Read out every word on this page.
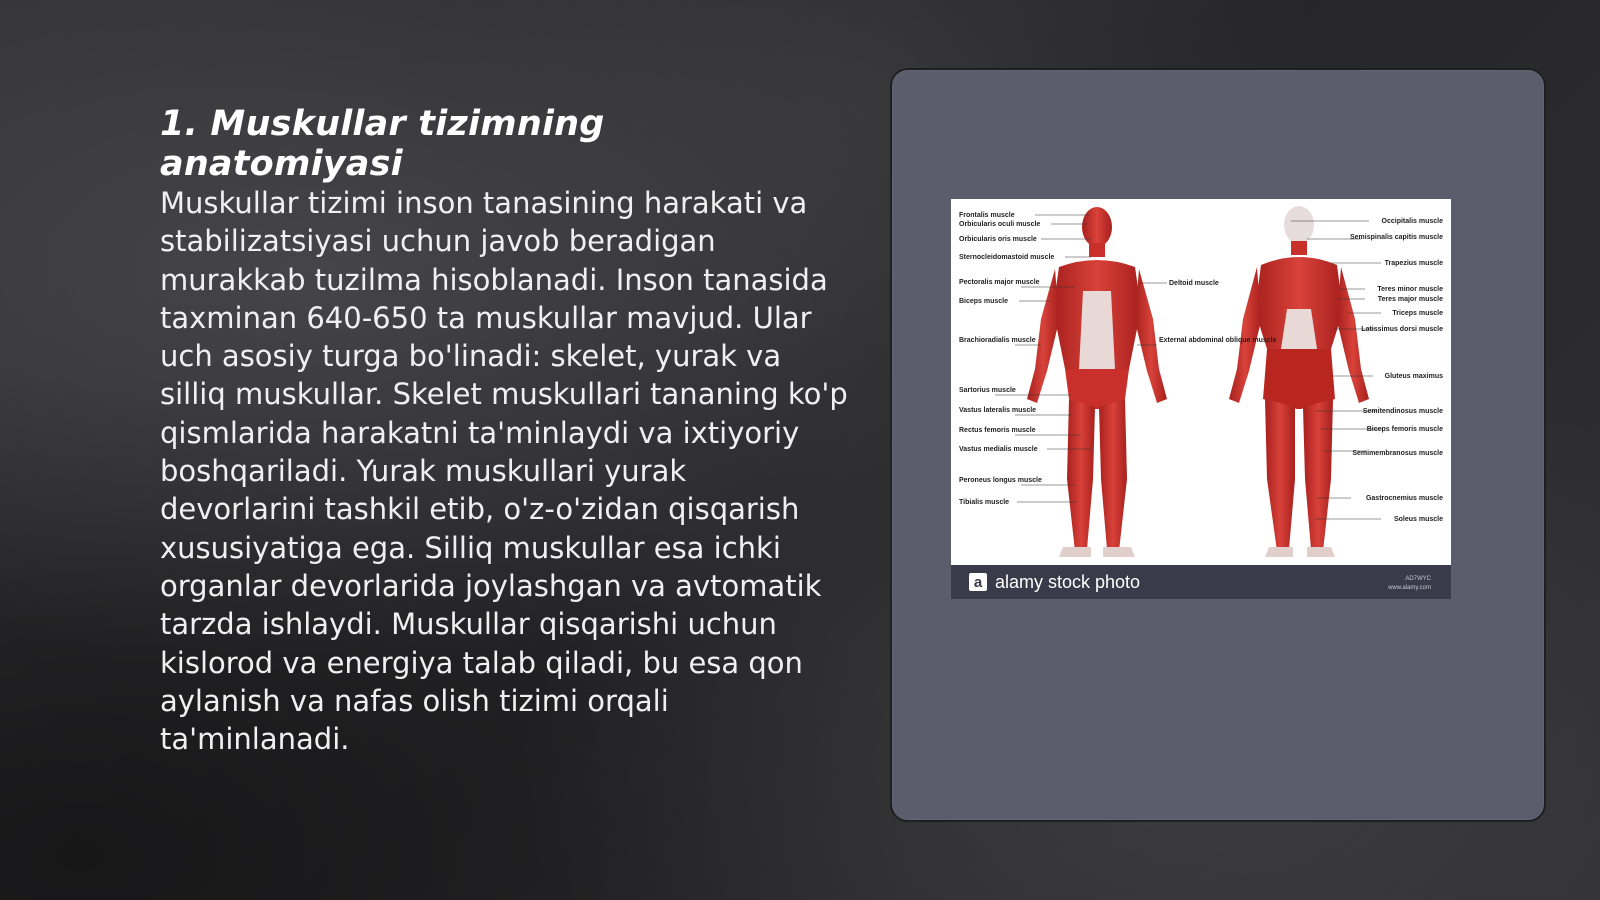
1. Muskullar tizimning anatomiyasi

Muskullar tizimi inson tanasining harakati va stabilizatsiyasi uchun javob beradigan murakkab tuzilma hisoblanadi. Inson tanasida taxminan 640-650 ta muskullar mavjud. Ular uch asosiy turga bo'linadi: skelet, yurak va silliq muskullar. Skelet muskullari tananing ko'p qismlarida harakatni ta'minlaydi va ixtiyoriy boshqariladi. Yurak muskullari yurak devorlarini tashkil etib, o'z-o'zidan qisqarish xususiyatiga ega. Silliq muskullar esa ichki organlar devorlarida joylashgan va avtomatik tarzda ishlaydi. Muskullar qisqarishi uchun kislorod va energiya talab qiladi, bu esa qon aylanish va nafas olish tizimi orqali ta'minlanadi.

Frontalis muscle
Orbicularis oculi muscle
Orbicularis oris muscle
Sternocleidomastoid muscle
Pectoralis major muscle
Biceps muscle
Brachioradialis muscle
Sartorius muscle
Vastus lateralis muscle
Rectus femoris muscle
Vastus medialis muscle
Peroneus longus muscle
Tibialis muscle
Deltoid muscle
External abdominal oblique muscle
Occipitalis muscle
Semispinalis capitis muscle
Trapezius muscle
Teres minor muscle
Teres major muscle
Triceps muscle
Latissimus dorsi muscle
Gluteus maximus
Semitendinosus muscle
Biceps femoris muscle
Semimembranosus muscle
Gastrocnemius muscle
Soleus muscle
a alamy stock photo	AD7WYC
www.alamy.com
